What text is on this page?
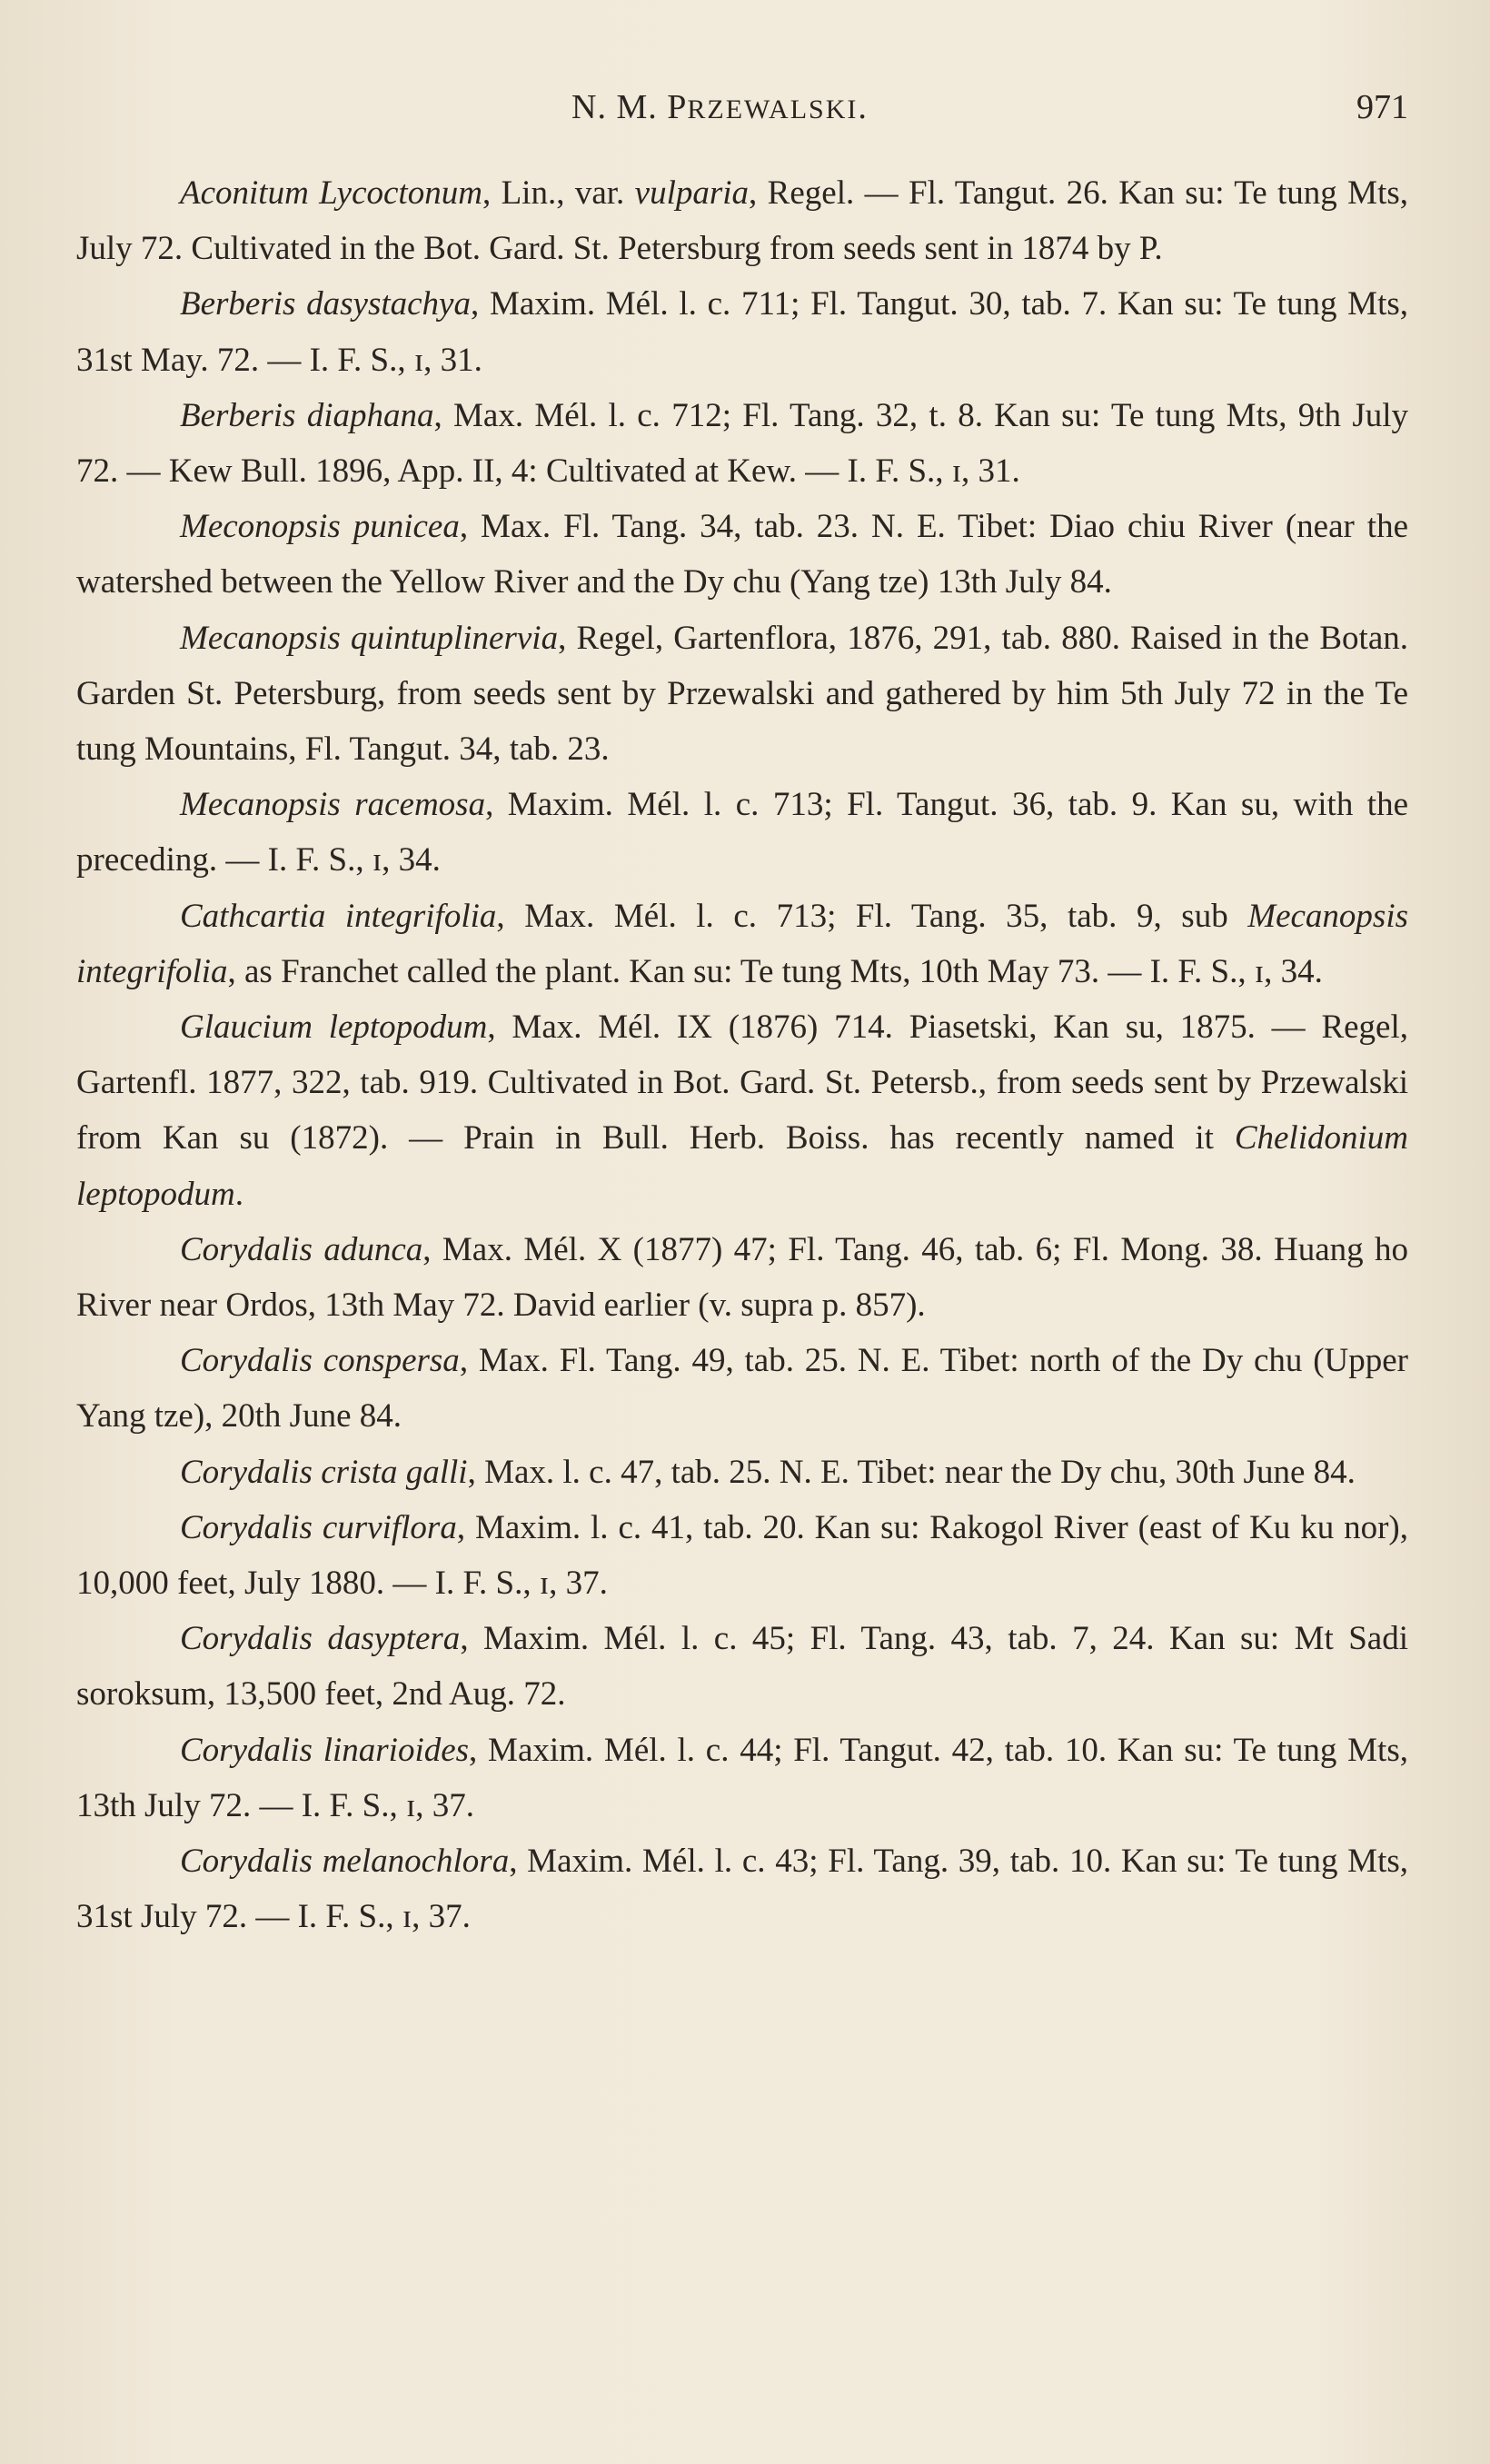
N. M. PRZEWALSKI.	971

Aconitum Lycoctonum, Lin., var. vulparia, Regel. — Fl. Tangut. 26. Kan su: Te tung Mts, July 72. Cultivated in the Bot. Gard. St. Petersburg from seeds sent in 1874 by P.

Berberis dasystachya, Maxim. Mél. l. c. 711; Fl. Tangut. 30, tab. 7. Kan su: Te tung Mts, 31st May. 72. — I. F. S., ɪ, 31.

Berberis diaphana, Max. Mél. l. c. 712; Fl. Tang. 32, t. 8. Kan su: Te tung Mts, 9th July 72. — Kew Bull. 1896, App. II, 4: Cultivated at Kew. — I. F. S., ɪ, 31.

Meconopsis punicea, Max. Fl. Tang. 34, tab. 23. N. E. Tibet: Diao chiu River (near the watershed between the Yellow River and the Dy chu (Yang tze) 13th July 84.

Mecanopsis quintuplinervia, Regel, Gartenflora, 1876, 291, tab. 880. Raised in the Botan. Garden St. Petersburg, from seeds sent by Przewalski and gathered by him 5th July 72 in the Te tung Mountains, Fl. Tangut. 34, tab. 23.

Mecanopsis racemosa, Maxim. Mél. l. c. 713; Fl. Tangut. 36, tab. 9. Kan su, with the preceding. — I. F. S., ɪ, 34.

Cathcartia integrifolia, Max. Mél. l. c. 713; Fl. Tang. 35, tab. 9, sub Mecanopsis integrifolia, as Franchet called the plant. Kan su: Te tung Mts, 10th May 73. — I. F. S., ɪ, 34.

Glaucium leptopodum, Max. Mél. IX (1876) 714. Piasetski, Kan su, 1875. — Regel, Gartenfl. 1877, 322, tab. 919. Cultivated in Bot. Gard. St. Petersb., from seeds sent by Przewalski from Kan su (1872). — Prain in Bull. Herb. Boiss. has recently named it Chelidonium leptopodum.

Corydalis adunca, Max. Mél. X (1877) 47; Fl. Tang. 46, tab. 6; Fl. Mong. 38. Huang ho River near Ordos, 13th May 72. David earlier (v. supra p. 857).

Corydalis conspersa, Max. Fl. Tang. 49, tab. 25. N. E. Tibet: north of the Dy chu (Upper Yang tze), 20th June 84.

Corydalis crista galli, Max. l. c. 47, tab. 25. N. E. Tibet: near the Dy chu, 30th June 84.

Corydalis curviflora, Maxim. l. c. 41, tab. 20. Kan su: Rakogol River (east of Ku ku nor), 10,000 feet, July 1880. — I. F. S., ɪ, 37.

Corydalis dasyptera, Maxim. Mél. l. c. 45; Fl. Tang. 43, tab. 7, 24. Kan su: Mt Sadi soroksum, 13,500 feet, 2nd Aug. 72.

Corydalis linarioides, Maxim. Mél. l. c. 44; Fl. Tangut. 42, tab. 10. Kan su: Te tung Mts, 13th July 72. — I. F. S., ɪ, 37.

Corydalis melanochlora, Maxim. Mél. l. c. 43; Fl. Tang. 39, tab. 10. Kan su: Te tung Mts, 31st July 72. — I. F. S., ɪ, 37.
